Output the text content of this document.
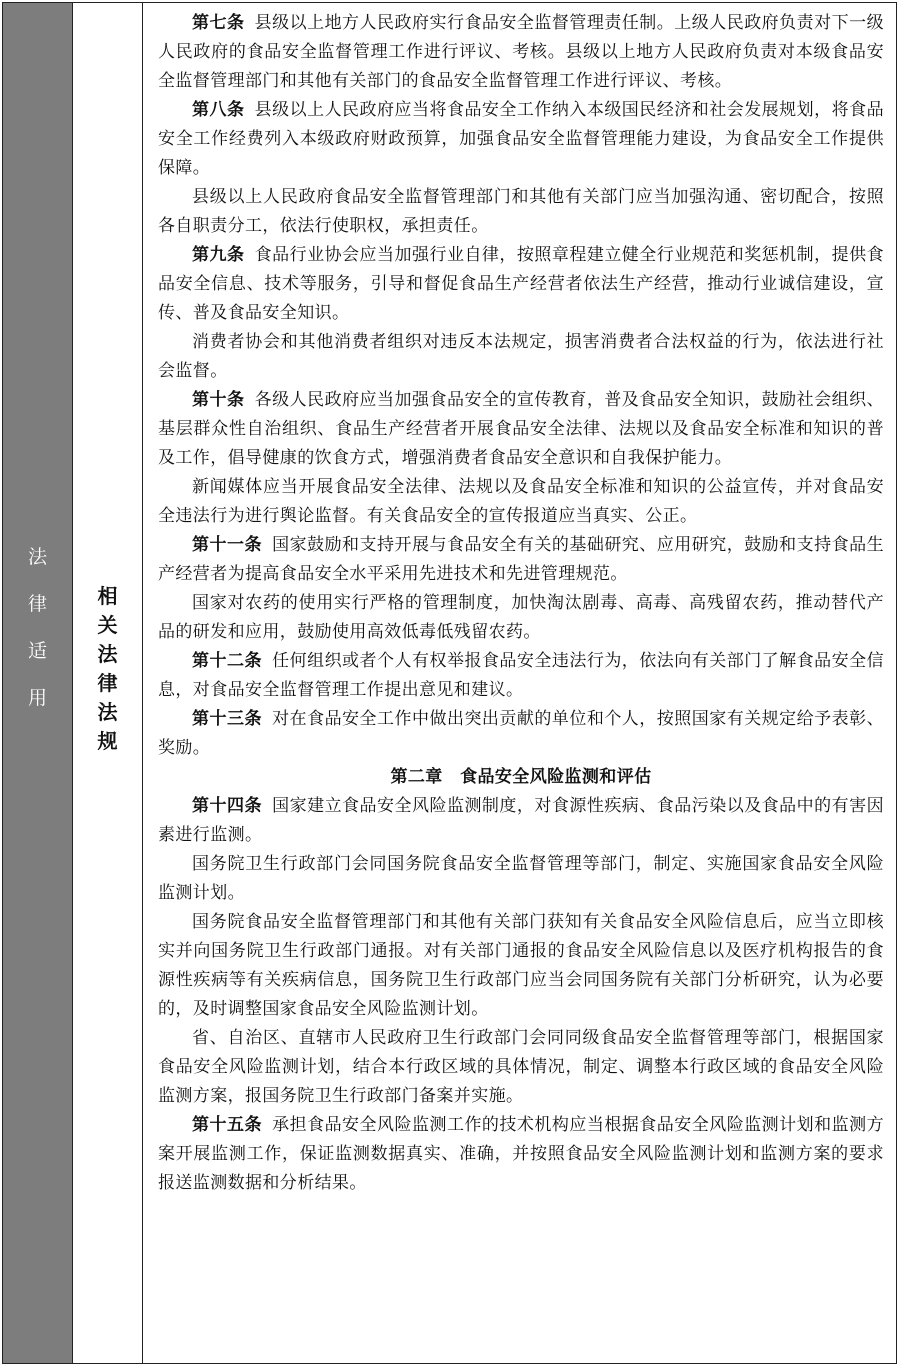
法
律
适
用
相
关
法
律
法
规

第七条 县级以上地方人民政府实行食品安全监督管理责任制。上级人民政府负责对下一级人民政府的食品安全监督管理工作进行评议、考核。县级以上地方人民政府负责对本级食品安全监督管理部门和其他有关部门的食品安全监督管理工作进行评议、考核。

第八条 县级以上人民政府应当将食品安全工作纳入本级国民经济和社会发展规划，将食品安全工作经费列入本级政府财政预算，加强食品安全监督管理能力建设，为食品安全工作提供保障。

县级以上人民政府食品安全监督管理部门和其他有关部门应当加强沟通、密切配合，按照各自职责分工，依法行使职权，承担责任。

第九条 食品行业协会应当加强行业自律，按照章程建立健全行业规范和奖惩机制，提供食品安全信息、技术等服务，引导和督促食品生产经营者依法生产经营，推动行业诚信建设，宣传、普及食品安全知识。

消费者协会和其他消费者组织对违反本法规定，损害消费者合法权益的行为，依法进行社会监督。

第十条 各级人民政府应当加强食品安全的宣传教育，普及食品安全知识，鼓励社会组织、基层群众性自治组织、食品生产经营者开展食品安全法律、法规以及食品安全标准和知识的普及工作，倡导健康的饮食方式，增强消费者食品安全意识和自我保护能力。

新闻媒体应当开展食品安全法律、法规以及食品安全标准和知识的公益宣传，并对食品安全违法行为进行舆论监督。有关食品安全的宣传报道应当真实、公正。

第十一条 国家鼓励和支持开展与食品安全有关的基础研究、应用研究，鼓励和支持食品生产经营者为提高食品安全水平采用先进技术和先进管理规范。

国家对农药的使用实行严格的管理制度，加快淘汰剧毒、高毒、高残留农药，推动替代产品的研发和应用，鼓励使用高效低毒低残留农药。

第十二条 任何组织或者个人有权举报食品安全违法行为，依法向有关部门了解食品安全信息，对食品安全监督管理工作提出意见和建议。

第十三条 对在食品安全工作中做出突出贡献的单位和个人，按照国家有关规定给予表彰、奖励。

第二章　食品安全风险监测和评估

第十四条 国家建立食品安全风险监测制度，对食源性疾病、食品污染以及食品中的有害因素进行监测。

国务院卫生行政部门会同国务院食品安全监督管理等部门，制定、实施国家食品安全风险监测计划。

国务院食品安全监督管理部门和其他有关部门获知有关食品安全风险信息后，应当立即核实并向国务院卫生行政部门通报。对有关部门通报的食品安全风险信息以及医疗机构报告的食源性疾病等有关疾病信息，国务院卫生行政部门应当会同国务院有关部门分析研究，认为必要的，及时调整国家食品安全风险监测计划。

省、自治区、直辖市人民政府卫生行政部门会同同级食品安全监督管理等部门，根据国家食品安全风险监测计划，结合本行政区域的具体情况，制定、调整本行政区域的食品安全风险监测方案，报国务院卫生行政部门备案并实施。

第十五条 承担食品安全风险监测工作的技术机构应当根据食品安全风险监测计划和监测方案开展监测工作，保证监测数据真实、准确，并按照食品安全风险监测计划和监测方案的要求报送监测数据和分析结果。
